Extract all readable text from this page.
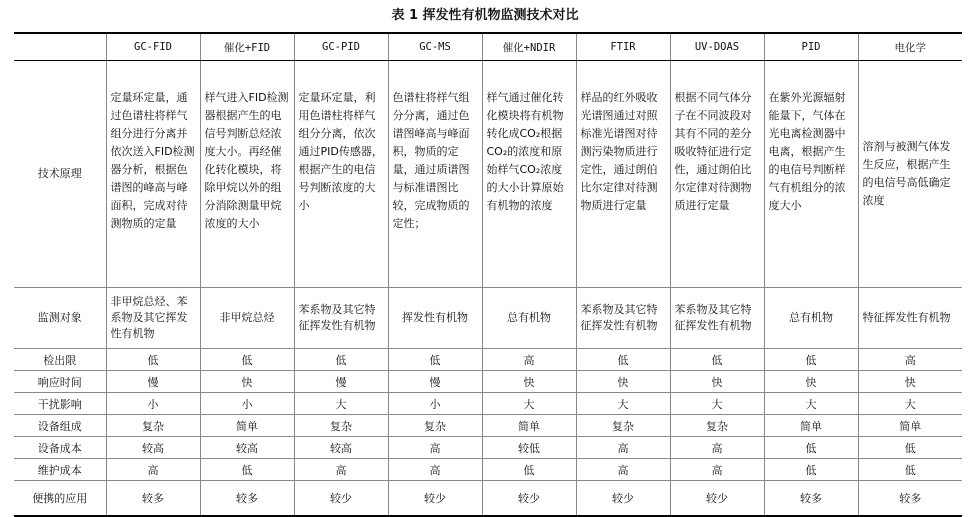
表 1 挥发性有机物监测技术对比
	GC-FID	催化+FID	GC-PID	GC-MS	催化+NDIR	FTIR	UV-DOAS	PID	电化学
技术原理	定量环定量，通过色谱柱将样气组分进行分离并依次送入FID检测器分析，根据色谱图的峰高与峰面积，完成对待测物质的定量	样气进入FID检测器根据产生的电信号判断总烃浓度大小。再经催化转化模块，将除甲烷以外的组分消除测量甲烷浓度的大小	定量环定量，利用色谱柱将样气组分分离，依次通过PID传感器，根据产生的电信号判断浓度的大小	色谱柱将样气组分分离，通过色谱图峰高与峰面积，物质的定量，通过质谱图与标准谱图比较，完成物质的定性；	样气通过催化转化模块将有机物转化成CO₂根据CO₂的浓度和原始样气CO₂浓度的大小计算原始有机物的浓度	样品的红外吸收光谱图通过对照标准光谱图对待测污染物质进行定性，通过朗伯比尔定律对待测物质进行定量	根据不同气体分子在不同波段对其有不同的差分吸收特征进行定性，通过朗伯比尔定律对待测物质进行定量	在紫外光源辐射能量下，气体在光电离检测器中电离，根据产生的电信号判断样气有机组分的浓度大小	溶剂与被测气体发生反应，根据产生的电信号高低确定浓度
监测对象	非甲烷总烃、苯系物及其它挥发性有机物	非甲烷总烃	苯系物及其它特征挥发性有机物	挥发性有机物	总有机物	苯系物及其它特征挥发性有机物	苯系物及其它特征挥发性有机物	总有机物	特征挥发性有机物
检出限	低	低	低	低	高	低	低	低	高
响应时间	慢	快	慢	慢	快	快	快	快	快
干扰影响	小	小	大	小	大	大	大	大	大
设备组成	复杂	简单	复杂	复杂	简单	复杂	复杂	简单	简单
设备成本	较高	较高	较高	高	较低	高	高	低	低
维护成本	高	低	高	高	低	高	高	低	低
便携的应用	较多	较多	较少	较少	较少	较少	较少	较多	较多
